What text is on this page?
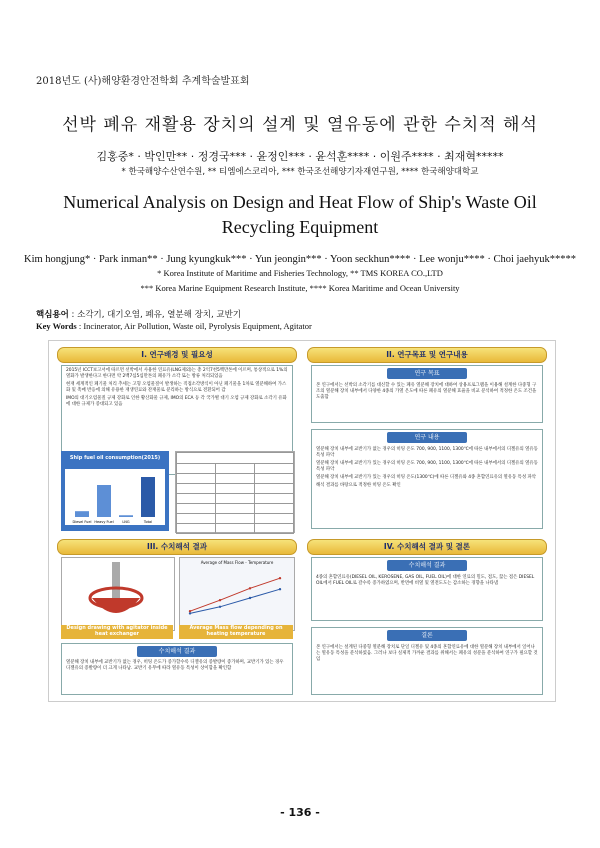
2018년도 (사)해양환경안전학회 추계학술발표회
선박 폐유 재활용 장치의 설계 및 열유동에 관한 수치적 해석
김홍중* · 박인만** · 정경국*** · 윤정인*** · 윤석훈**** · 이원주**** · 최재혁*****
* 한국해양수산연수원, ** 티엠에스코리아, *** 한국조선해양기자재연구원, **** 한국해양대학교
Numerical Analysis on Design and Heat Flow of Ship's Waste Oil Recycling Equipment
Kim hongjung* · Park inman** · Jung kyungkuk*** · Yun jeongin*** · Yoon seckhun**** · Lee wonju**** · Choi jaehyuk*****
* Korea Institute of Maritime and Fisheries Technology, ** TMS KOREA CO.,LTD
*** Korea Marine Equipment Research Institute, **** Korea Maritime and Ocean University
핵심용어 : 소각기, 대기오염, 폐유, 열분해 장치, 교반기
Key Words : Incinerator, Air Pollution, Waste oil, Pyrolysis Equipment, Agitator
I. 연구배경 및 필요성

2015년 ICCT보고서에 따르면 선박에서 사용한 연료유(LNG제외)는 총 2억7천5백만톤에 이르며, 통상적으로 1%의 열화가 발생한다고 한다면 약 2백7십5십만톤의 폐유가 소각 또는 방류 처리되었음

현재 세계적인 폐기물 처리 추세는 고형 오염물질이 발생하는 직접소각방식이 아닌 폐기물을 1차로 열분해하여 가스화 및 촉매 반응에 의해 유용한 재생연료와 잔재물로 분리하는 방식으로 전환되어 감

IMO의 대기오염물질 규제 강화로 인한 황산화물 규제, IMO의 ECA 등 각 국가별 대기 오염 규제 강화로 소각기 유화에 대한 규제가 증대되고 있음

Ship fuel oil consumption(2015)
Diesel Fuel Heavy Fuel LNG	Total

II. 연구목표 및 연구내용
연구 목표

본 연구에서는 선박의 소각기를 대신할 수 있는 폐유 열분해 장치에 대하여 상용프로그램을 이용해 설계한 다중형 구조의 열분해 장치 내부에서 다양한 4종의 가열 온도에 따른 폐유의 열분해 효율을 비교 분석하여 적정한 온도 조건을 도출함

연구 내용

열분해 장치 내부에 교반기가 없는 경우의 히팅 온도 700, 900, 1100, 1300℃에 따른 내부에서의 디젤유의 열유동 특성 파악

열분해 장치 내부에 교반기가 있는 경우의 히팅 온도 700, 900, 1100, 1300℃에 따른 내부에서의 디젤유의 열유동 특성 파악

열분해 장치 내부에 교반기가 있는 경우의 히팅 온도(1300℃)에 따른 디젤유와 4종 혼합연료유의 열유동 특성 파악

해석 결과를 바탕으로 적정한 히팅 온도 확인

III. 수치해석 결과
Design drawing with agitator inside heat exchanger
Average of Mass Flow - Temperature
Average Mass flow depending on heating temperature
수치해석 결과

열분해 장치 내부에 교반기가 없는 경우, 히팅 온도가 증가할수록 디젤유의 증발량이 증가하며, 교반기가 있는 경우 디젤유의 증발량이 더 크게 나타남. 교반기 유무에 따라 열유동 특성이 상이함을 확인함

IV. 수치해석 결과 및 결론
수치해석 결과

4종의 혼합연료유(DIESEL OIL, KEROSENE, GAS OIL, FUEL OIL)에 대한 연료의 밀도, 점도, 끓는 점은 DIESEL OIL에서 FUEL OIL로 갈수록 증가하였으며, 반면에 비열 및 열전도도는 감소하는 경향을 나타냄

결론

본 연구에서는 설계된 다중형 열분해 장치로 단일 디젤유 및 4종의 혼합연료유에 대한 열분해 장치 내부에서 일어나는 열유동 특성을 분석하였음. 그러나 보다 실제적 가까운 결과를 위해서는 폐유의 성분을 분석하여 연구가 필요할 것임

- 136 -
